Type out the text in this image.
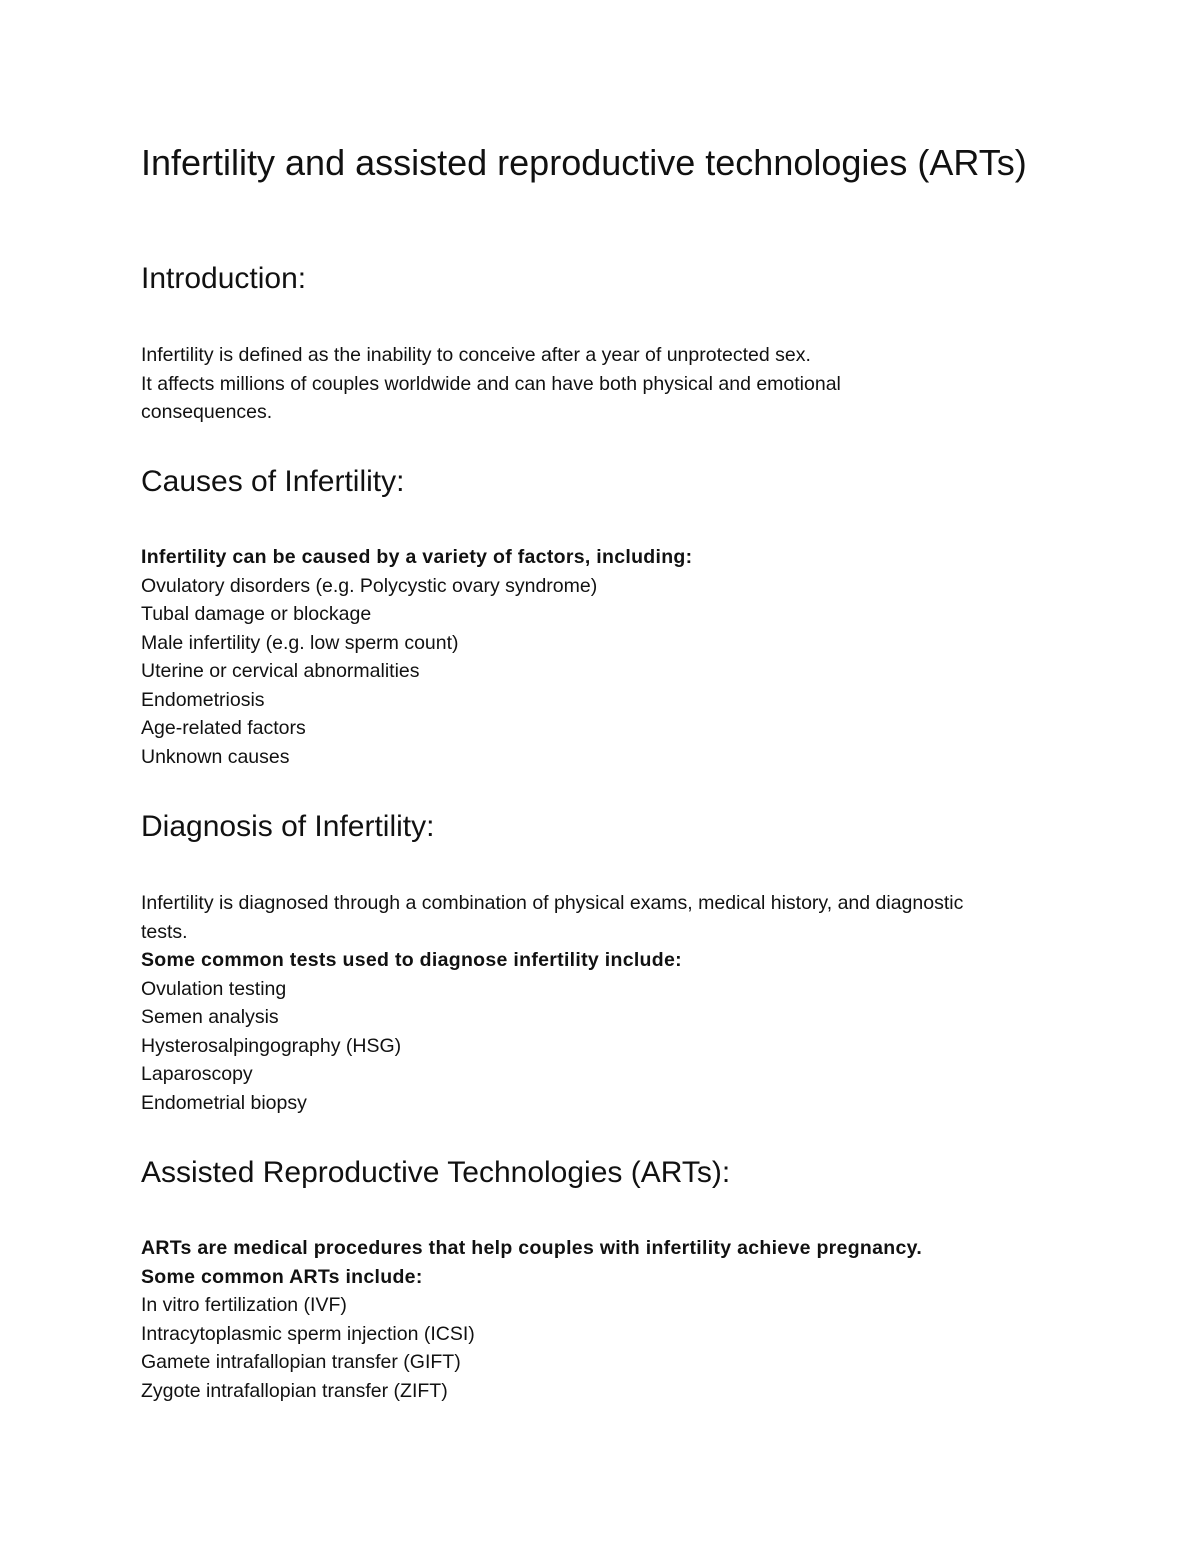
Infertility and assisted reproductive technologies (ARTs)
Introduction:
Infertility is defined as the inability to conceive after a year of unprotected sex.
It affects millions of couples worldwide and can have both physical and emotional
consequences.
Causes of Infertility:
Infertility can be caused by a variety of factors, including:
Ovulatory disorders (e.g. Polycystic ovary syndrome)
Tubal damage or blockage
Male infertility (e.g. low sperm count)
Uterine or cervical abnormalities
Endometriosis
Age-related factors
Unknown causes
Diagnosis of Infertility:
Infertility is diagnosed through a combination of physical exams, medical history, and diagnostic
tests.
Some common tests used to diagnose infertility include:
Ovulation testing
Semen analysis
Hysterosalpingography (HSG)
Laparoscopy
Endometrial biopsy
Assisted Reproductive Technologies (ARTs):
ARTs are medical procedures that help couples with infertility achieve pregnancy.
Some common ARTs include:
In vitro fertilization (IVF)
Intracytoplasmic sperm injection (ICSI)
Gamete intrafallopian transfer (GIFT)
Zygote intrafallopian transfer (ZIFT)
